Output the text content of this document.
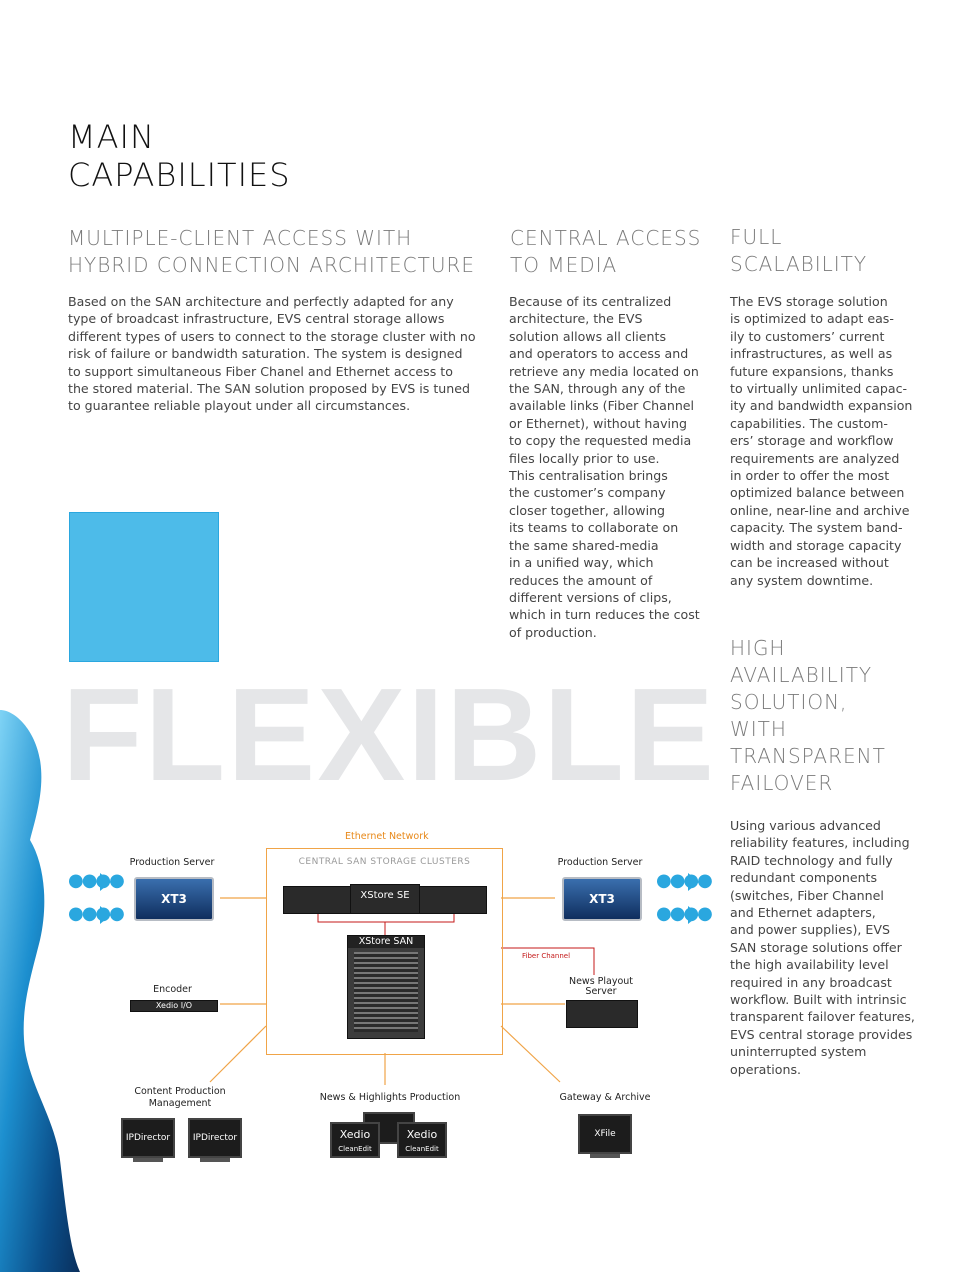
MAIN
CAPABILITIES
MULTIPLE-CLIENT ACCESS WITH
HYBRID CONNECTION ARCHITECTURE
Based on the SAN architecture and perfectly adapted for any
type of broadcast infrastructure, EVS central storage allows
different types of users to connect to the storage cluster with no
risk of failure or bandwidth saturation. The system is designed
to support simultaneous Fiber Chanel and Ethernet access to
the stored material. The SAN solution proposed by EVS is tuned
to guarantee reliable playout under all circumstances.
CENTRAL ACCESS
TO MEDIA
Because of its centralized
architecture, the EVS
solution allows all clients
and operators to access and
retrieve any media located on
the SAN, through any of the
available links (Fiber Channel
or Ethernet), without having
to copy the requested media
files locally prior to use.
This centralisation brings
the customer’s company
closer together, allowing
its teams to collaborate on
the same shared-media
in a unified way, which
reduces the amount of
different versions of clips,
which in turn reduces the cost
of production.
FULL
SCALABILITY
The EVS storage solution
is optimized to adapt eas-
ily to customers’ current
infrastructures, as well as
future expansions, thanks
to virtually unlimited capac-
ity and bandwidth expansion
capabilities. The custom-
ers’ storage and workflow
requirements are analyzed
in order to offer the most
optimized balance between
online, near-line and archive
capacity. The system band-
width and storage capacity
can be increased without
any system downtime.
HIGH
AVAILABILITY
SOLUTION,
WITH
TRANSPARENT
FAILOVER
Using various advanced
reliability features, including
RAID technology and fully
redundant components
(switches, Fiber Channel
and Ethernet adapters,
and power supplies), EVS
SAN storage solutions offer
the high availability level
required in any broadcast
workflow. Built with intrinsic
transparent failover features,
EVS central storage provides
uninterrupted system
operations.
FLEXIBLE
Ethernet Network
CENTRAL SAN STORAGE CLUSTERS
Fiber Channel
XStore SE
XStore SAN
Production Server
XT3
Production Server
XT3
●●●●
●●●●
●●●●
●●●●
Encoder
Xedio I/O
News Playout
Server
Content Production
Management
IPDirector	IPDirector
News & Highlights Production
Xedio
CleanEdit
Xedio
CleanEdit
Gateway & Archive
XFile
